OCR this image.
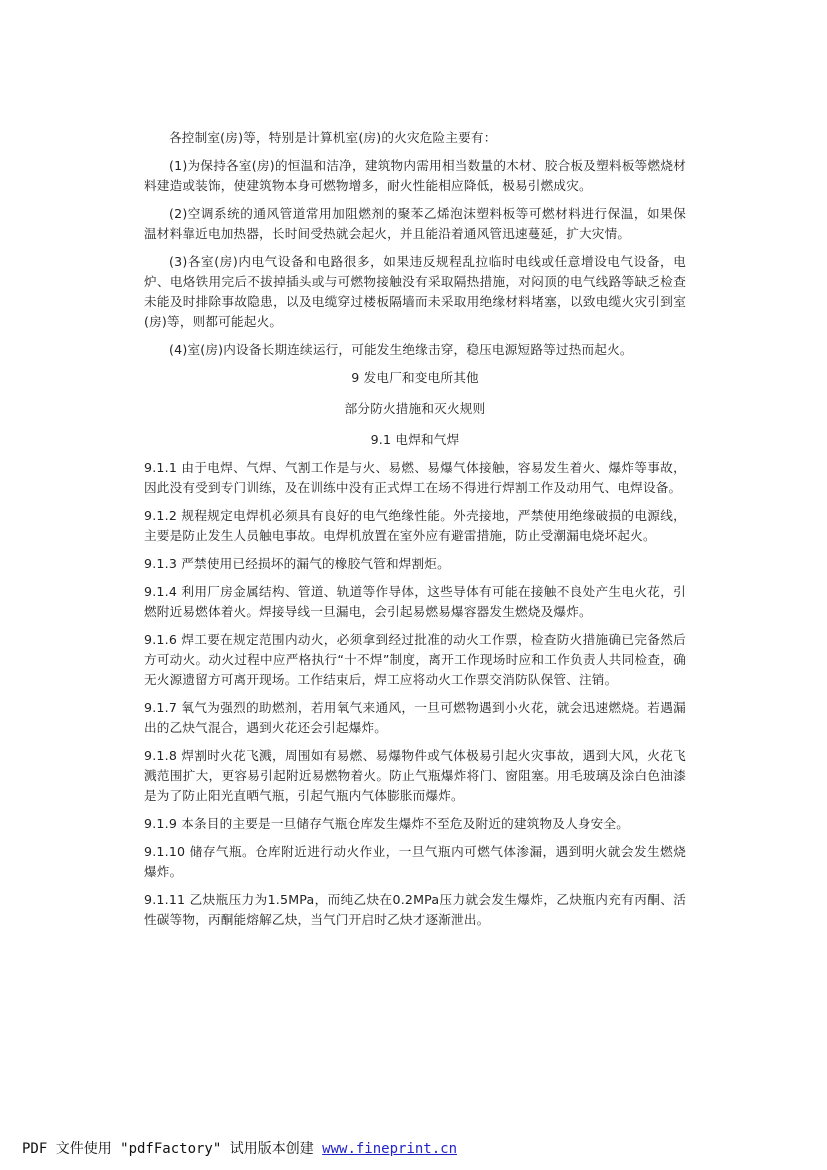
各控制室(房)等，特别是计算机室(房)的火灾危险主要有：

(1)为保持各室(房)的恒温和洁净，建筑物内需用相当数量的木材、胶合板及塑料板等燃烧材料建造或装饰，使建筑物本身可燃物增多，耐火性能相应降低，极易引燃成灾。

(2)空调系统的通风管道常用加阻燃剂的聚苯乙烯泡沫塑料板等可燃材料进行保温，如果保温材料靠近电加热器，长时间受热就会起火，并且能沿着通风管迅速蔓延，扩大灾情。

(3)各室(房)内电气设备和电路很多，如果违反规程乱拉临时电线或任意增设电气设备，电炉、电烙铁用完后不拔掉插头或与可燃物接触没有采取隔热措施，对闷顶的电气线路等缺乏检查未能及时排除事故隐患，以及电缆穿过楼板隔墙而未采取用绝缘材料堵塞，以致电缆火灾引到室(房)等，则都可能起火。

(4)室(房)内设备长期连续运行，可能发生绝缘击穿，稳压电源短路等过热而起火。

9 发电厂和变电所其他

部分防火措施和灭火规则

9.1 电焊和气焊

9.1.1 由于电焊、气焊、气割工作是与火、易燃、易爆气体接触，容易发生着火、爆炸等事故，因此没有受到专门训练，及在训练中没有正式焊工在场不得进行焊割工作及动用气、电焊设备。

9.1.2 规程规定电焊机必须具有良好的电气绝缘性能。外壳接地，严禁使用绝缘破损的电源线，主要是防止发生人员触电事故。电焊机放置在室外应有避雷措施，防止受潮漏电烧坏起火。

9.1.3 严禁使用已经损坏的漏气的橡胶气管和焊割炬。

9.1.4 利用厂房金属结构、管道、轨道等作导体，这些导体有可能在接触不良处产生电火花，引燃附近易燃体着火。焊接导线一旦漏电，会引起易燃易爆容器发生燃烧及爆炸。

9.1.6 焊工要在规定范围内动火，必须拿到经过批准的动火工作票，检查防火措施确已完备然后方可动火。动火过程中应严格执行“十不焊”制度，离开工作现场时应和工作负责人共同检查，确无火源遗留方可离开现场。工作结束后，焊工应将动火工作票交消防队保管、注销。

9.1.7 氧气为强烈的助燃剂，若用氧气来通风，一旦可燃物遇到小火花，就会迅速燃烧。若遇漏出的乙炔气混合，遇到火花还会引起爆炸。

9.1.8 焊割时火花飞溅，周围如有易燃、易爆物件或气体极易引起火灾事故，遇到大风，火花飞溅范围扩大，更容易引起附近易燃物着火。防止气瓶爆炸将门、窗阻塞。用毛玻璃及涂白色油漆是为了防止阳光直晒气瓶，引起气瓶内气体膨胀而爆炸。

9.1.9 本条目的主要是一旦储存气瓶仓库发生爆炸不至危及附近的建筑物及人身安全。

9.1.10 储存气瓶。仓库附近进行动火作业，一旦气瓶内可燃气体渗漏，遇到明火就会发生燃烧爆炸。

9.1.11 乙炔瓶压力为1.5MPa，而纯乙炔在0.2MPa压力就会发生爆炸，乙炔瓶内充有丙酮、活性碳等物，丙酮能熔解乙炔，当气门开启时乙炔才逐渐泄出。

PDF 文件使用 "pdfFactory" 试用版本创建 www.fineprint.cn
